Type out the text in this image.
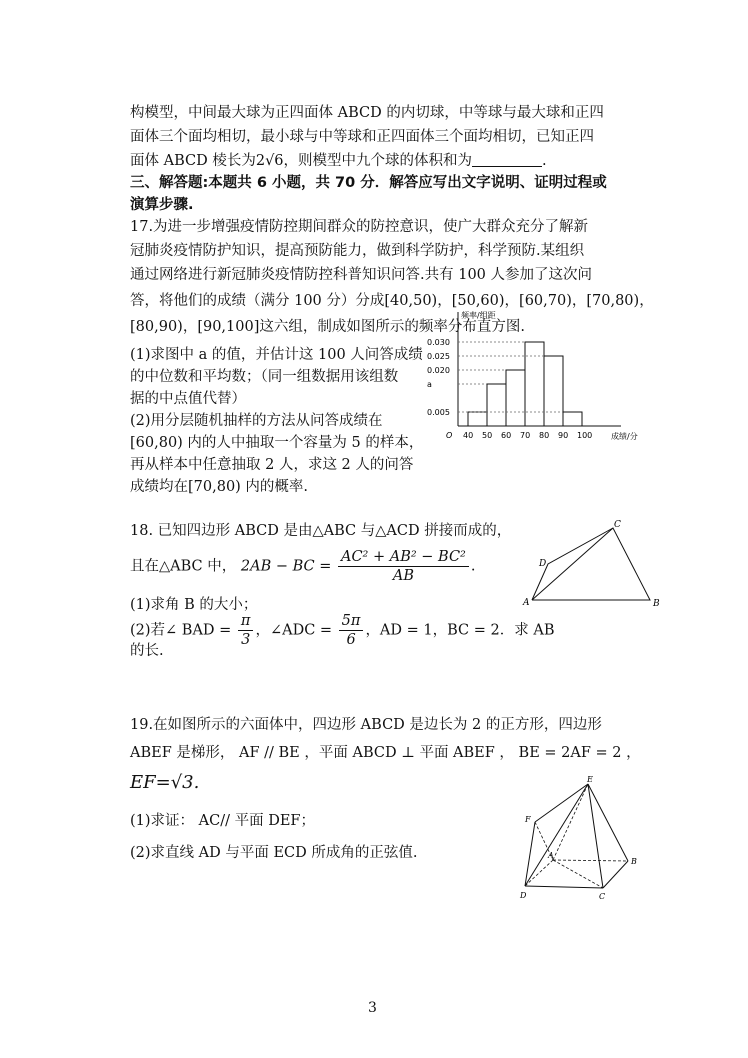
构模型，中间最大球为正四面体 ABCD 的内切球，中等球与最大球和正四
面体三个面均相切，最小球与中等球和正四面体三个面均相切，已知正四
面体 ABCD 棱长为2√6，则模型中九个球的体积和为	.
三、解答题:本题共 6 小题，共 70 分．解答应写出文字说明、证明过程或
演算步骤.
17.为进一步增强疫情防控期间群众的防控意识，使广大群众充分了解新
冠肺炎疫情防护知识，提高预防能力，做到科学防护，科学预防.某组织
通过网络进行新冠肺炎疫情防控科普知识问答.共有 100 人参加了这次问
答，将他们的成绩（满分 100 分）分成[40,50)，[50,60)，[60,70)，[70,80)，
[80,90)，[90,100]这六组，制成如图所示的频率分布直方图.
(1)求图中 a 的值，并估计这 100 人问答成绩
的中位数和平均数；（同一组数据用该组数
据的中点值代替）
(2)用分层随机抽样的方法从问答成绩在
[60,80) 内的人中抽取一个容量为 5 的样本，
再从样本中任意抽取 2 人，求这 2 人的问答
成绩均在[70,80) 内的概率.
频率/组距
成绩/分
O
0.005
a
0.020
0.025
0.030
40 50 60 70 80 90 100
18. 已知四边形 ABCD 是由△ABC 与△ACD 拼接而成的，
且在△ABC 中， 2AB − BC = $\frac{\text{AC² + AB² − BC²}}{AB}$ .
(1)求角 B 的大小；
(2)若∠ BAD = $\frac{\pi}{3}$ ，∠ADC = $\frac{5\pi}{6}$ ，AD = 1，BC = 2．求 AB
的长.
A	B
C
D
19.在如图所示的六面体中，四边形 ABCD 是边长为 2 的正方形，四边形
ABEF 是梯形， AF // BE ，平面 ABCD ⊥ 平面 ABEF ， BE = 2AF = 2 ，
EF=√3.
(1)求证： AC// 平面 DEF；
(2)求直线 AD 与平面 ECD 所成角的正弦值.
E
F
A
B
C
D
3
